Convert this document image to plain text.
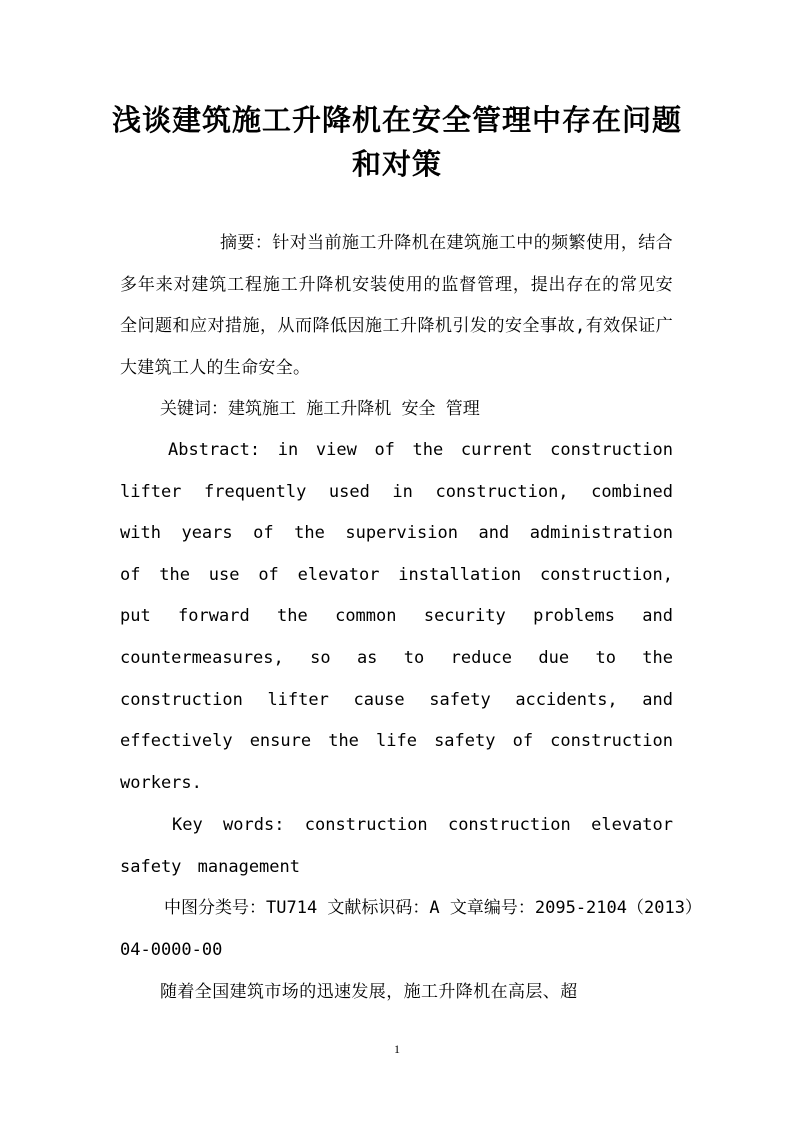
浅谈建筑施工升降机在安全管理中存在问题和对策

摘要：针对当前施工升降机在建筑施工中的频繁使用，结合多年来对建筑工程施工升降机安装使用的监督管理，提出存在的常见安全问题和应对措施，从而降低因施工升降机引发的安全事故,有效保证广大建筑工人的生命安全。

关键词：建筑施工 施工升降机 安全 管理

Abstract: in view of the current construction lifter frequently used in construction, combined with years of the supervision and administration of the use of elevator installation construction, put forward the common security problems and countermeasures, so as to reduce due to the construction lifter cause safety accidents, and effectively ensure the life safety of construction workers.

Key words: construction construction elevator safety management

中图分类号：TU714 文献标识码：A 文章编号：2095-2104（2013）04-0000-00

随着全国建筑市场的迅速发展，施工升降机在高层、超

1
